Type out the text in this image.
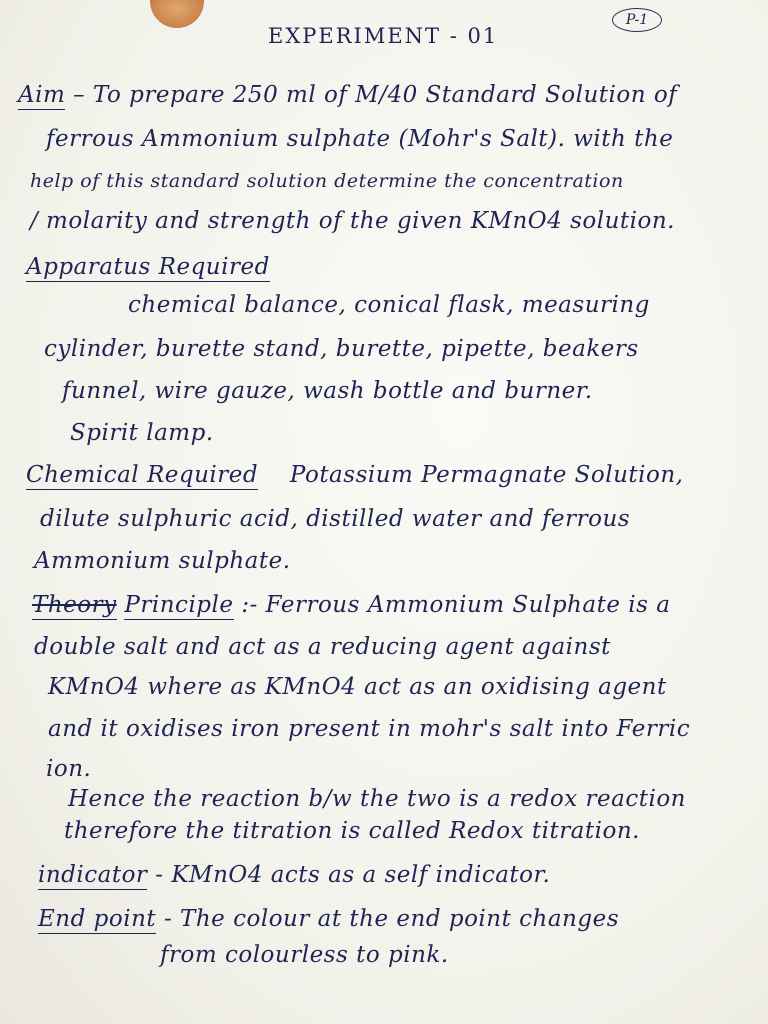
EXPERIMENT - 01
P-1
Aim – To prepare 250 ml of M/40 Standard Solution of
ferrous Ammonium sulphate (Mohr's Salt). with the
help of this standard solution determine the concentration
/ molarity and strength of the given KMnO4 solution.
Apparatus Required
chemical balance, conical flask, measuring
cylinder, burette stand, burette, pipette, beakers
funnel, wire gauze, wash bottle and burner.
Spirit lamp.
Chemical Required Potassium Permagnate Solution,
dilute sulphuric acid, distilled water and ferrous
Ammonium sulphate.
Theory Principle :- Ferrous Ammonium Sulphate is a
double salt and act as a reducing agent against
KMnO4 where as KMnO4 act as an oxidising agent
and it oxidises iron present in mohr's salt into Ferric
ion.
Hence the reaction b/w the two is a redox reaction
therefore the titration is called Redox titration.
indicator - KMnO4 acts as a self indicator.
End point - The colour at the end point changes
from colourless to pink.
